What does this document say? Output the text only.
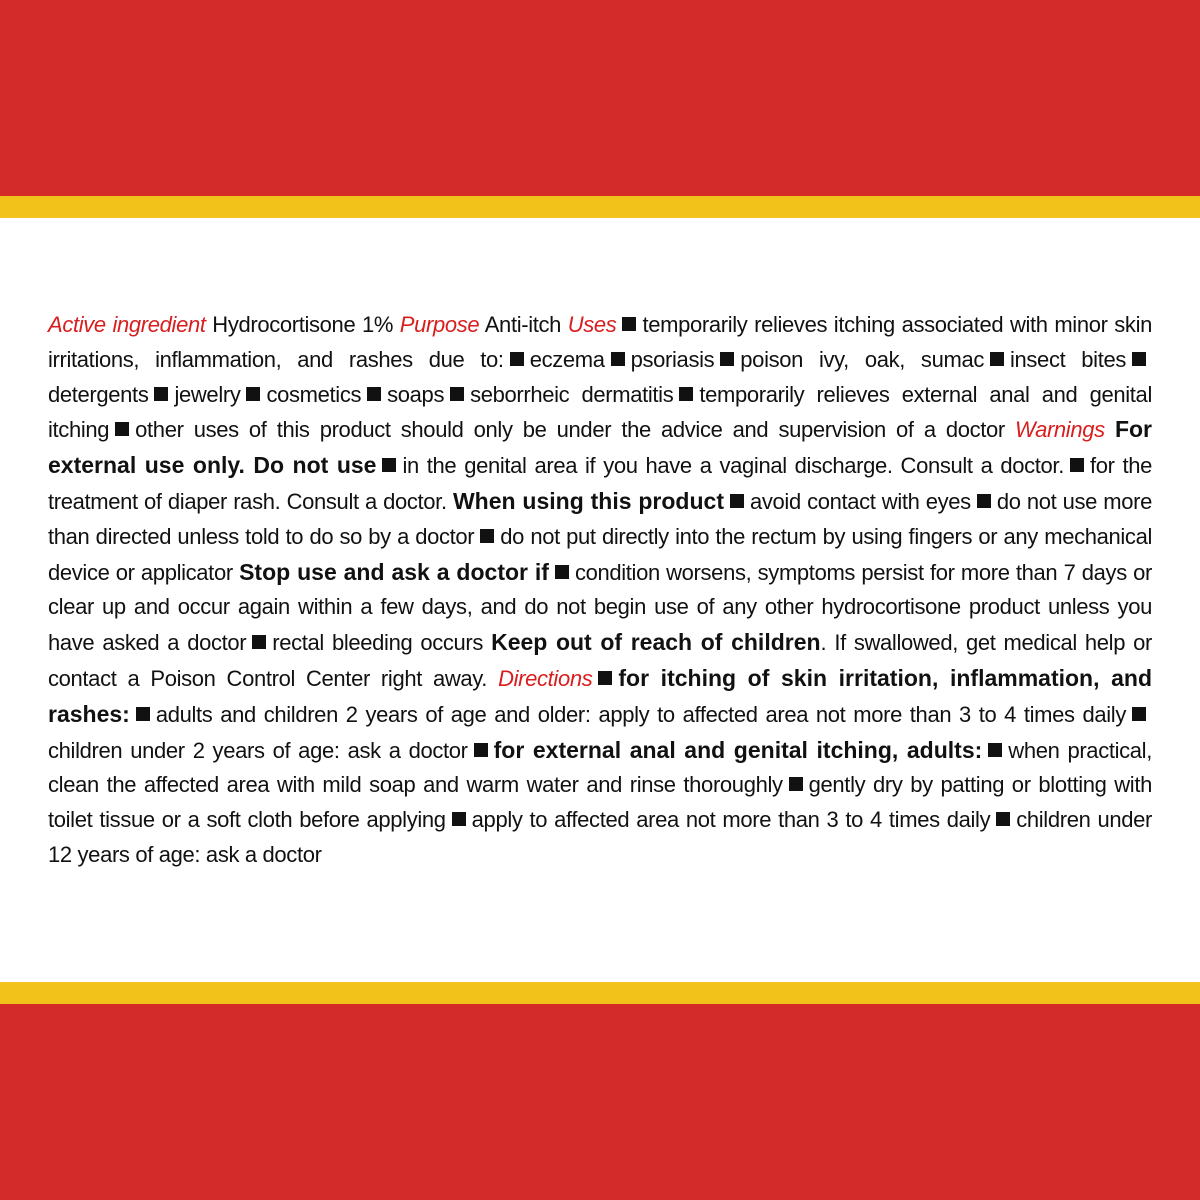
Active ingredient Hydrocortisone 1% Purpose Anti-itch Uses temporarily relieves itching associated with minor skin irritations, inflammation, and rashes due to: eczema psoriasis poison ivy, oak, sumac insect bitesdetergents jewelry cosmetics soaps seborrheic dermatitis temporarily relieves external anal and genital itching other uses of this product should only be under the advice and supervision of a doctor Warnings For external use only. Do not use in the genital area if you have a vaginal discharge. Consult a doctor. for the treatment of diaper rash. Consult a doctor. When using this product avoid contact with eyes do not use more than directed unless told to do so by a doctor do not put directly into the rectum by using fingers or any mechanical device or applicator Stop use and ask a doctor if condition worsens, symptoms persist for more than 7 days or clear up and occur again within a few days, and do not begin use of any other hydrocortisone product unless you have asked a doctor rectal bleeding occurs Keep out of reach of children. If swallowed, get medical help or contact a Poison Control Center right away. Directions for itching of skin irritation, inflammation, and rashes: adults and children 2 years of age and older: apply to affected area not more than 3 to 4 times dailychildren under 2 years of age: ask a doctor for external anal and genital itching, adults: when practical, clean the affected area with mild soap and warm water and rinse thoroughly gently dry by patting or blotting with toilet tissue or a soft cloth before applying apply to affected area not more than 3 to 4 times daily children under 12 years of age: ask a doctor
